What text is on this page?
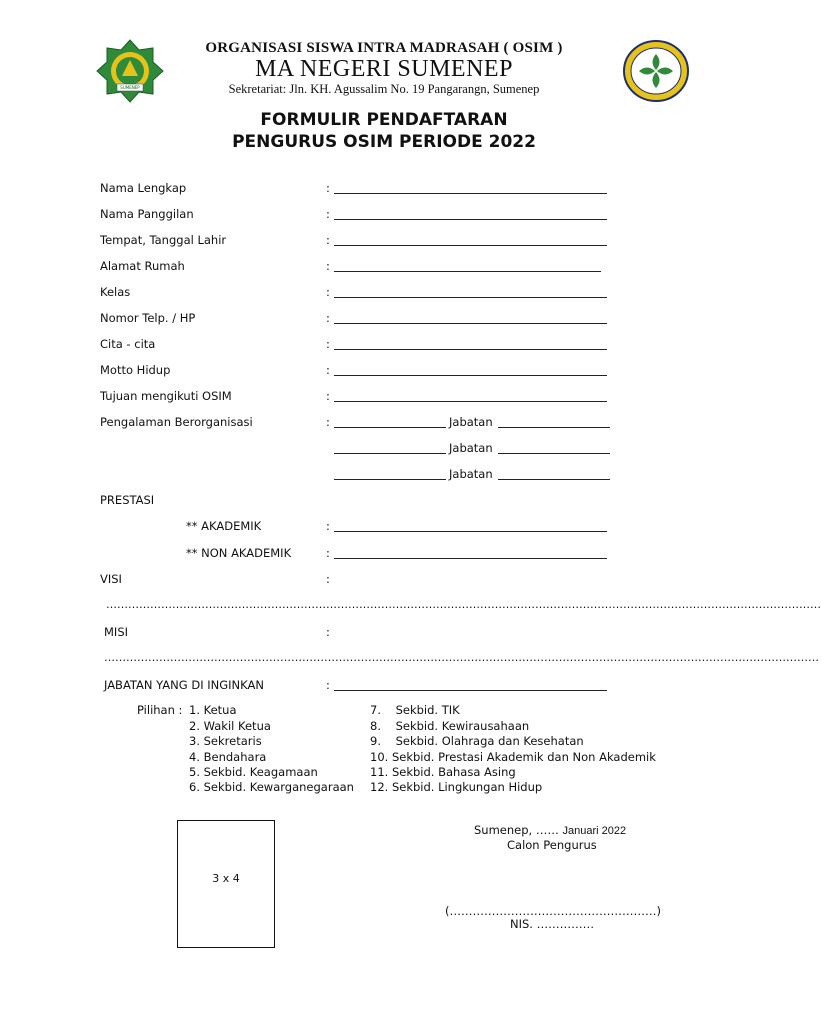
SUMENEP
ORGANISASI SISWA INTRA MADRASAH ( OSIM )
MA NEGERI SUMENEP
Sekretariat: Jln. KH. Agussalim No. 19 Pangarangn, Sumenep
FORMULIR PENDAFTARAN
PENGURUS OSIM PERIODE 2022
Nama Lengkap	:
Nama Panggilan	:
Tempat, Tanggal Lahir	:
Alamat Rumah	:
Kelas	:
Nomor Telp. / HP	:
Cita - cita	:
Motto Hidup	:
Tujuan mengikuti OSIM	:
Pengalaman Berorganisasi	:	Jabatan
Jabatan
Jabatan
PRESTASI
** AKADEMIK	:
** NON AKADEMIK	:
VISI	:
……………………………………………………………………………………………………………………………………………………………………………
MISI	:
……………………………………………………………………………………………………………………………………………………………………………
JABATAN YANG DI INGINKAN	:
Pilihan : 1. Ketua
2. Wakil Ketua
3. Sekretaris
4. Bendahara
5. Sekbid. Keagamaan
6. Sekbid. Kewarganegaraan
7.    Sekbid. TIK
8.    Sekbid. Kewirausahaan
9.    Sekbid. Olahraga dan Kesehatan
10. Sekbid. Prestasi Akademik dan Non Akademik
11. Sekbid. Bahasa Asing
12. Sekbid. Lingkungan Hidup
3 x 4
Sumenep, …… Januari 2022
Calon Pengurus
(………………………………………………)
NIS. ……………
